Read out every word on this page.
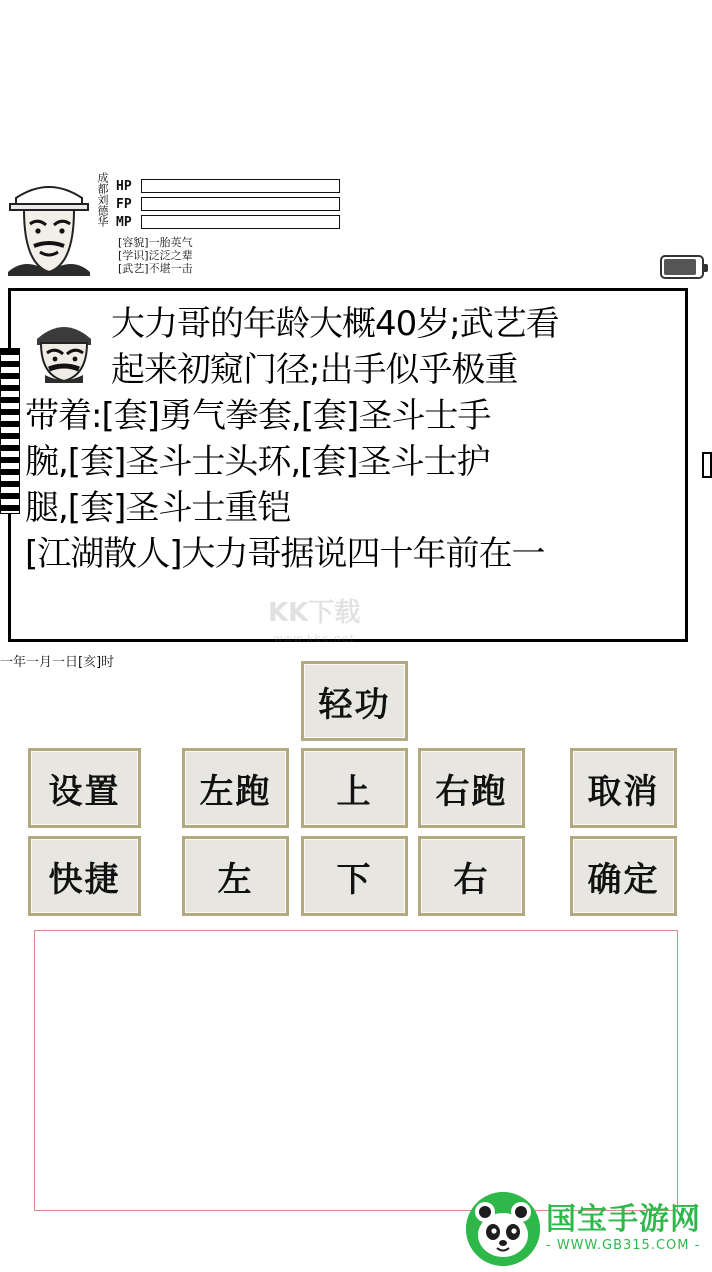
成都刘德华 HP
FP
MP
[容貌]一胎英气
[学识]泛泛之辈
[武艺]不堪一击
大力哥的年龄大概40岁;武艺看
起来初窥门径;出手似乎极重
带着:[套]勇气拳套,[套]圣斗士手
腕,[套]圣斗士头环,[套]圣斗士护
腿,[套]圣斗士重铠
[江湖散人]大力哥据说四十年前在一
KK下载
www.kkx.net
一年一月一日[亥]时
轻功
设置	左跑	上	右跑	取消
快捷	左	下	右	确定
国宝手游网
- WWW.GB315.COM -
